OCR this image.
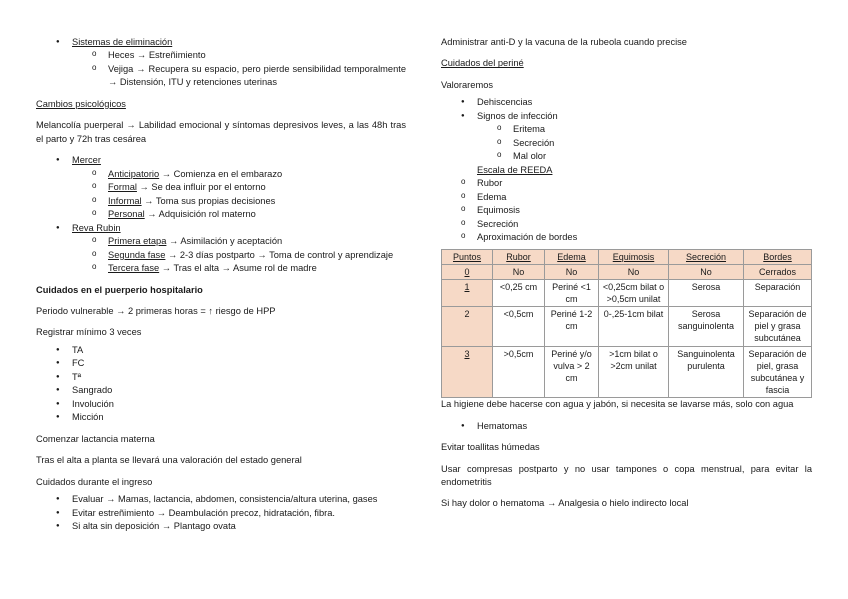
● Sistemas de eliminación
o Heces → Estreñimiento
o Vejiga → Recupera su espacio, pero pierde sensibilidad temporalmente → Distensión, ITU y retenciones uterinas

Cambios psicológicos

Melancolía puerperal → Labilidad emocional y síntomas depresivos leves, a las 48h tras el parto y 72h tras cesárea

● Mercer
o Anticipatorio → Comienza en el embarazo
o Formal → Se dea influir por el entorno
o Informal → Toma sus propias decisiones
o Personal → Adquisición rol materno
● Reva Rubin
o Primera etapa → Asimilación y aceptación
o Segunda fase → 2-3 días postparto → Toma de control y aprendizaje
o Tercera fase → Tras el alta → Asume rol de madre

Cuidados en el puerperio hospitalario

Periodo vulnerable → 2 primeras horas = ↑ riesgo de HPP

Registrar mínimo 3 veces

● TA
● FC
● Tª
● Sangrado
● Involución
● Micción

Comenzar lactancia materna

Tras el alta a planta se llevará una valoración del estado general

Cuidados durante el ingreso

● Evaluar → Mamas, lactancia, abdomen, consistencia/altura uterina, gases
● Evitar estreñimiento → Deambulación precoz, hidratación, fibra.
● Si alta sin deposición → Plantago ovata

Administrar anti-D y la vacuna de la rubeola cuando precise

Cuidados del periné

Valoraremos

● Dehiscencias
● Signos de infección
o Eritema
o Secreción
o Mal olor
Escala de REEDA
o Rubor
o Edema
o Equimosis
o Secreción
o Aproximación de bordes
Puntos	Rubor	Edema	Equimosis	Secreción	Bordes
0	No	No	No	No	Cerrados
1	<0,25 cm	Periné <1 cm	<0,25cm bilat o >0,5cm unilat	Serosa	Separación
2	<0,5cm	Periné 1-2 cm	0-,25-1cm bilat	Serosa sanguinolenta	Separación de piel y grasa subcutánea
3	>0,5cm	Periné y/o vulva > 2 cm	>1cm bilat o >2cm unilat	Sanguinolenta purulenta	Separación de piel, grasa subcutánea y fascia

La higiene debe hacerse con agua y jabón, si necesita se lavarse más, solo con agua

● Hematomas

Evitar toallitas húmedas

Usar compresas postparto y no usar tampones o copa menstrual, para evitar la endometritis

Si hay dolor o hematoma → Analgesia o hielo indirecto local
